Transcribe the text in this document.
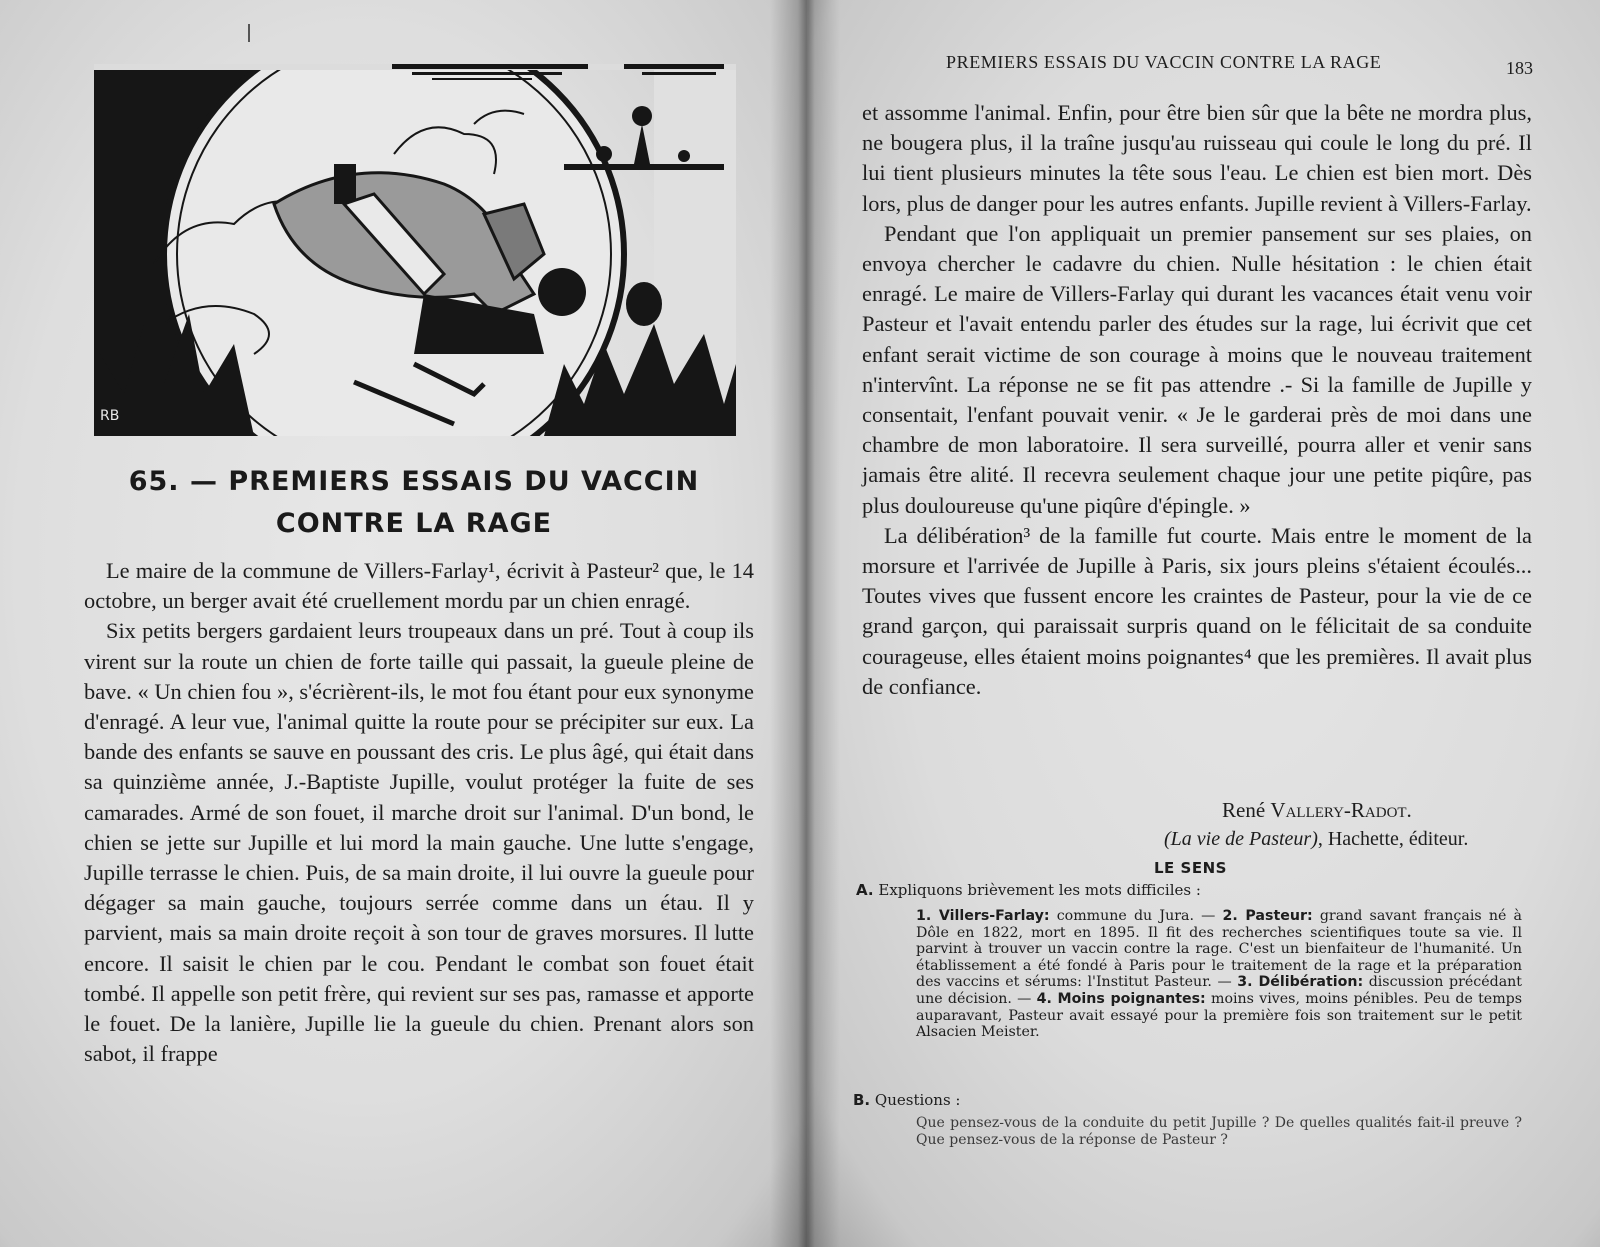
RB
65. — PREMIERS ESSAIS DU VACCIN
CONTRE LA RAGE

Le maire de la commune de Villers-Farlay¹, écrivit à Pasteur² que, le 14 octobre, un berger avait été cruellement mordu par un chien enragé.

Six petits bergers gardaient leurs troupeaux dans un pré. Tout à coup ils virent sur la route un chien de forte taille qui passait, la gueule pleine de bave. « Un chien fou », s'écrièrent-ils, le mot fou étant pour eux synonyme d'enragé. A leur vue, l'animal quitte la route pour se précipiter sur eux. La bande des enfants se sauve en poussant des cris. Le plus âgé, qui était dans sa quinzième année, J.-Baptiste Jupille, voulut protéger la fuite de ses camarades. Armé de son fouet, il marche droit sur l'animal. D'un bond, le chien se jette sur Jupille et lui mord la main gauche. Une lutte s'engage, Jupille terrasse le chien. Puis, de sa main droite, il lui ouvre la gueule pour dégager sa main gauche, toujours serrée comme dans un étau. Il y parvient, mais sa main droite reçoit à son tour de graves morsures. Il lutte encore. Il saisit le chien par le cou. Pendant le combat son fouet était tombé. Il appelle son petit frère, qui revient sur ses pas, ramasse et apporte le fouet. De la lanière, Jupille lie la gueule du chien. Prenant alors son sabot, il frappe

PREMIERS ESSAIS DU VACCIN CONTRE LA RAGE	183

et assomme l'animal. Enfin, pour être bien sûr que la bête ne mordra plus, ne bougera plus, il la traîne jusqu'au ruisseau qui coule le long du pré. Il lui tient plusieurs minutes la tête sous l'eau. Le chien est bien mort. Dès lors, plus de danger pour les autres enfants. Jupille revient à Villers-Farlay.

Pendant que l'on appliquait un premier pansement sur ses plaies, on envoya chercher le cadavre du chien. Nulle hésitation : le chien était enragé. Le maire de Villers-Farlay qui durant les vacances était venu voir Pasteur et l'avait entendu parler des études sur la rage, lui écrivit que cet enfant serait victime de son courage à moins que le nouveau traitement n'intervînt. La réponse ne se fit pas attendre .- Si la famille de Jupille y consentait, l'enfant pouvait venir. « Je le garderai près de moi dans une chambre de mon laboratoire. Il sera surveillé, pourra aller et venir sans jamais être alité. Il recevra seulement chaque jour une petite piqûre, pas plus douloureuse qu'une piqûre d'épingle. »

La délibération³ de la famille fut courte. Mais entre le moment de la morsure et l'arrivée de Jupille à Paris, six jours pleins s'étaient écoulés... Toutes vives que fussent encore les craintes de Pasteur, pour la vie de ce grand garçon, qui paraissait surpris quand on le félicitait de sa conduite courageuse, elles étaient moins poignantes⁴ que les premières. Il avait plus de confiance.

René Vallery-Radot.
(La vie de Pasteur), Hachette, éditeur.
LE SENS
A. Expliquons brièvement les mots difficiles :
1. Villers-Farlay: commune du Jura. — 2. Pasteur: grand savant français né à Dôle en 1822, mort en 1895. Il fit des recherches scientifiques toute sa vie. Il parvint à trouver un vaccin contre la rage. C'est un bienfaiteur de l'humanité. Un établissement a été fondé à Paris pour le traitement de la rage et la préparation des vaccins et sérums: l'Institut Pasteur. — 3. Délibération: discussion précédant une décision. — 4. Moins poignantes: moins vives, moins pénibles. Peu de temps auparavant, Pasteur avait essayé pour la première fois son traitement sur le petit Alsacien Meister.
B. Questions :
Que pensez-vous de la conduite du petit Jupille ? De quelles qualités fait-il preuve ? Que pensez-vous de la réponse de Pasteur ?
